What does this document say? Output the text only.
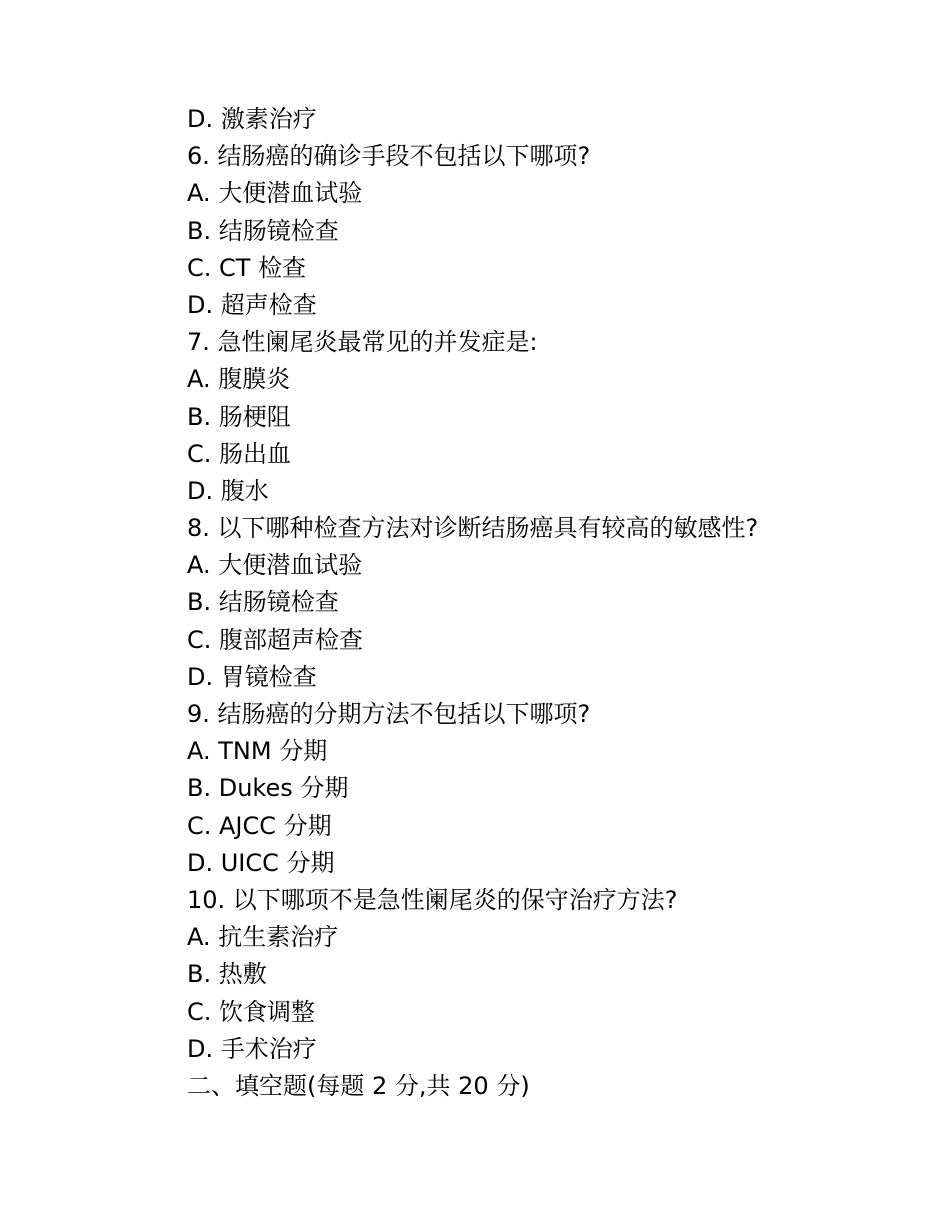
D. 激素治疗
6. 结肠癌的确诊手段不包括以下哪项?
A. 大便潜血试验
B. 结肠镜检查
C. CT 检查
D. 超声检查
7. 急性阑尾炎最常见的并发症是:
A. 腹膜炎
B. 肠梗阻
C. 肠出血
D. 腹水
8. 以下哪种检查方法对诊断结肠癌具有较高的敏感性?
A. 大便潜血试验
B. 结肠镜检查
C. 腹部超声检查
D. 胃镜检查
9. 结肠癌的分期方法不包括以下哪项?
A. TNM 分期
B. Dukes 分期
C. AJCC 分期
D. UICC 分期
10. 以下哪项不是急性阑尾炎的保守治疗方法?
A. 抗生素治疗
B. 热敷
C. 饮食调整
D. 手术治疗
二、填空题(每题 2 分,共 20 分)
